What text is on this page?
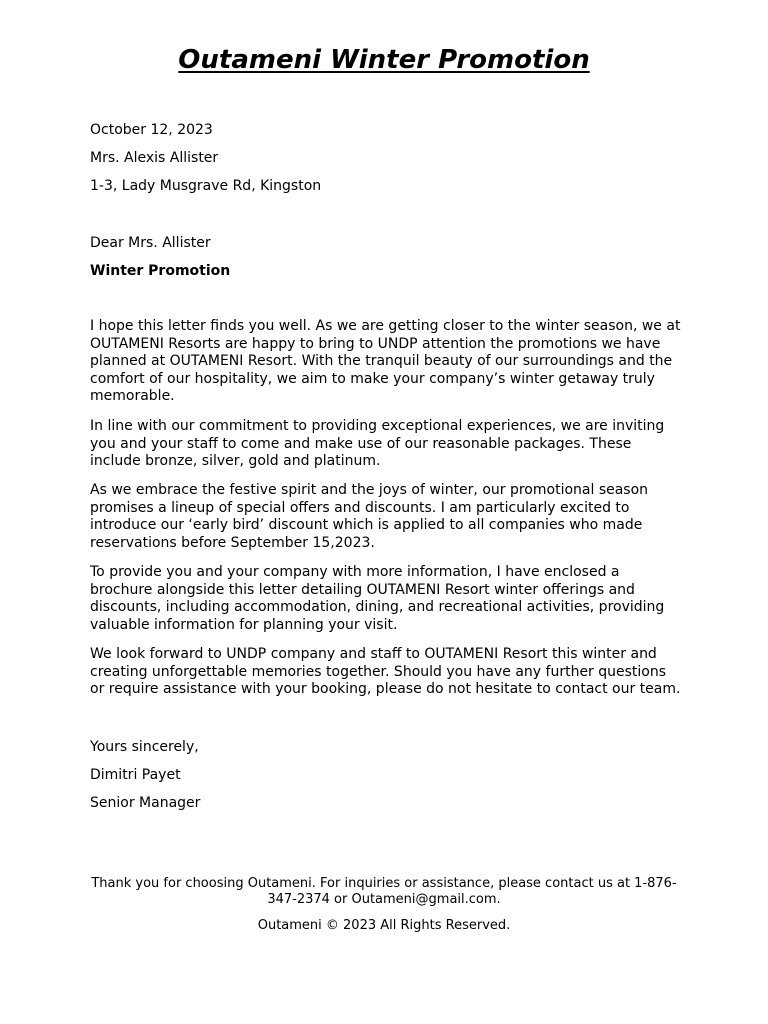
Outameni Winter Promotion
October 12, 2023
Mrs. Alexis Allister
1-3, Lady Musgrave Rd, Kingston
Dear Mrs. Allister
Winter Promotion

I hope this letter finds you well. As we are getting closer to the winter season, we at OUTAMENI Resorts are happy to bring to UNDP attention the promotions we have planned at OUTAMENI Resort. With the tranquil beauty of our surroundings and the comfort of our hospitality, we aim to make your company’s winter getaway truly memorable.

In line with our commitment to providing exceptional experiences, we are inviting you and your staff to come and make use of our reasonable packages. These include bronze, silver, gold and platinum.

As we embrace the festive spirit and the joys of winter, our promotional season promises a lineup of special offers and discounts. I am particularly excited to introduce our ‘early bird’ discount which is applied to all companies who made reservations before September 15,2023.

To provide you and your company with more information, I have enclosed a brochure alongside this letter detailing OUTAMENI Resort winter offerings and discounts, including accommodation, dining, and recreational activities, providing valuable information for planning your visit.

We look forward to UNDP company and staff to OUTAMENI Resort this winter and creating unforgettable memories together. Should you have any further questions or require assistance with your booking, please do not hesitate to contact our team.

Yours sincerely,
Dimitri Payet
Senior Manager

Thank you for choosing Outameni. For inquiries or assistance, please contact us at 1-876-347-2374 or Outameni@gmail.com.

Outameni © 2023 All Rights Reserved.
